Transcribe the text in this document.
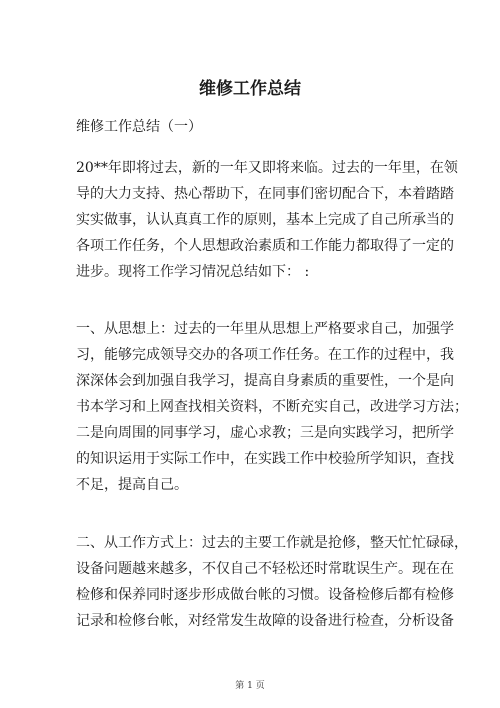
维修工作总结
维修工作总结（一）
20**年即将过去，新的一年又即将来临。过去的一年里，在领
导的大力支持、热心帮助下，在同事们密切配合下，本着踏踏
实实做事，认认真真工作的原则，基本上完成了自己所承当的
各项工作任务，个人思想政治素质和工作能力都取得了一定的
进步。现将工作学习情况总结如下： :
一、从思想上：过去的一年里从思想上严格要求自己，加强学
习，能够完成领导交办的各项工作任务。在工作的过程中，我
深深体会到加强自我学习，提高自身素质的重要性，一个是向
书本学习和上网查找相关资料，不断充实自己，改进学习方法；
二是向周围的同事学习，虚心求教；三是向实践学习，把所学
的知识运用于实际工作中，在实践工作中校验所学知识，查找
不足，提高自己。
二、从工作方式上：过去的主要工作就是抢修，整天忙忙碌碌，
设备问题越来越多，不仅自己不轻松还时常耽误生产。现在在
检修和保养同时逐步形成做台帐的习惯。设备检修后都有检修
记录和检修台帐，对经常发生故障的设备进行检查，分析设备
第 1 页
